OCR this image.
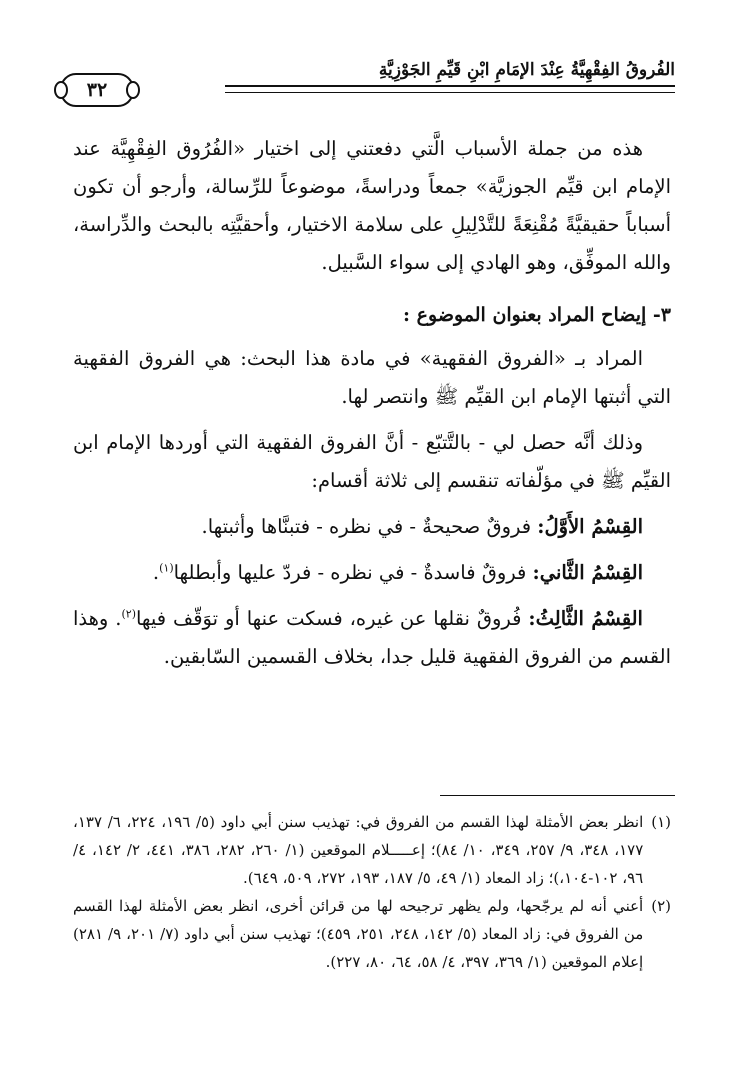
الفُروقُ الفِقْهِيَّةُ عِنْدَ الإمَامِ ابْنِ قَيِّمِ الجَوْزِيَّةِ
٣٢

هذه من جملة الأسباب الَّتي دفعتني إلى اختيار «الفُرُوق الفِقْهِيَّة عند الإمام ابن قيِّم الجوزيَّة» جمعاً ودراسةً، موضوعاً للرِّسالة، وأرجو أن تكون أسباباً حقيقيَّةً مُقْنِعَةً للتَّدْلِيلِ على سلامة الاختيار، وأحقيَّتِه بالبحث والدِّراسة، والله الموفِّق، وهو الهادي إلى سواء السَّبيل.

٣- إيضاح المراد بعنوان الموضوع :

المراد بـ «الفروق الفقهية» في مادة هذا البحث: هي الفروق الفقهية التي أثبتها الإمام ابن القيِّم ﷺ وانتصر لها.

وذلك أنَّه حصل لي - بالتَّتبّع - أنَّ الفروق الفقهية التي أوردها الإمام ابن القيِّم ﷺ في مؤلّفاته تنقسم إلى ثلاثة أقسام:

القِسْمُ الأَوَّلُ: فروقٌ صحيحةٌ - في نظره - فتبنَّاها وأثبتها.

القِسْمُ الثَّاني: فروقٌ فاسدةٌ - في نظره - فردّ عليها وأبطلها$^{(١)}$.

القِسْمُ الثَّالِثُ: فُروقٌ نقلها عن غيره، فسكت عنها أو توَقّف فيها$^{(٢)}$. وهذا القسم من الفروق الفقهية قليل جدا، بخلاف القسمين السّابقين.

(١)
انظر بعض الأمثلة لهذا القسم من الفروق في: تهذيب سنن أبي داود (٥/ ١٩٦، ٢٢٤، ٦/ ١٣٧، ١٧٧، ٣٤٨، ٩/ ٢٥٧، ٣٤٩، ١٠/ ٨٤)؛ إعـــــلام الموقعين (١/ ٢٦٠، ٢٨٢، ٣٨٦، ٤٤١، ٢/ ١٤٢، ٤/ ٩٦، ١٠٢-١٠٤،)؛ زاد المعاد (١/ ٤٩، ٥/ ١٨٧، ١٩٣، ٢٧٢، ٥٠٩، ٦٤٩).
(٢)
أعني أنه لم يرجّحها، ولم يظهر ترجيحه لها من قرائن أخرى، انظر بعض الأمثلة لهذا القسم من الفروق في: زاد المعاد (٥/ ١٤٢، ٢٤٨، ٢٥١، ٤٥٩)؛ تهذيب سنن أبي داود (٧/ ٢٠١، ٩/ ٢٨١) إعلام الموقعين (١/ ٣٦٩، ٣٩٧، ٤/ ٥٨، ٦٤، ٨٠، ٢٢٧).
